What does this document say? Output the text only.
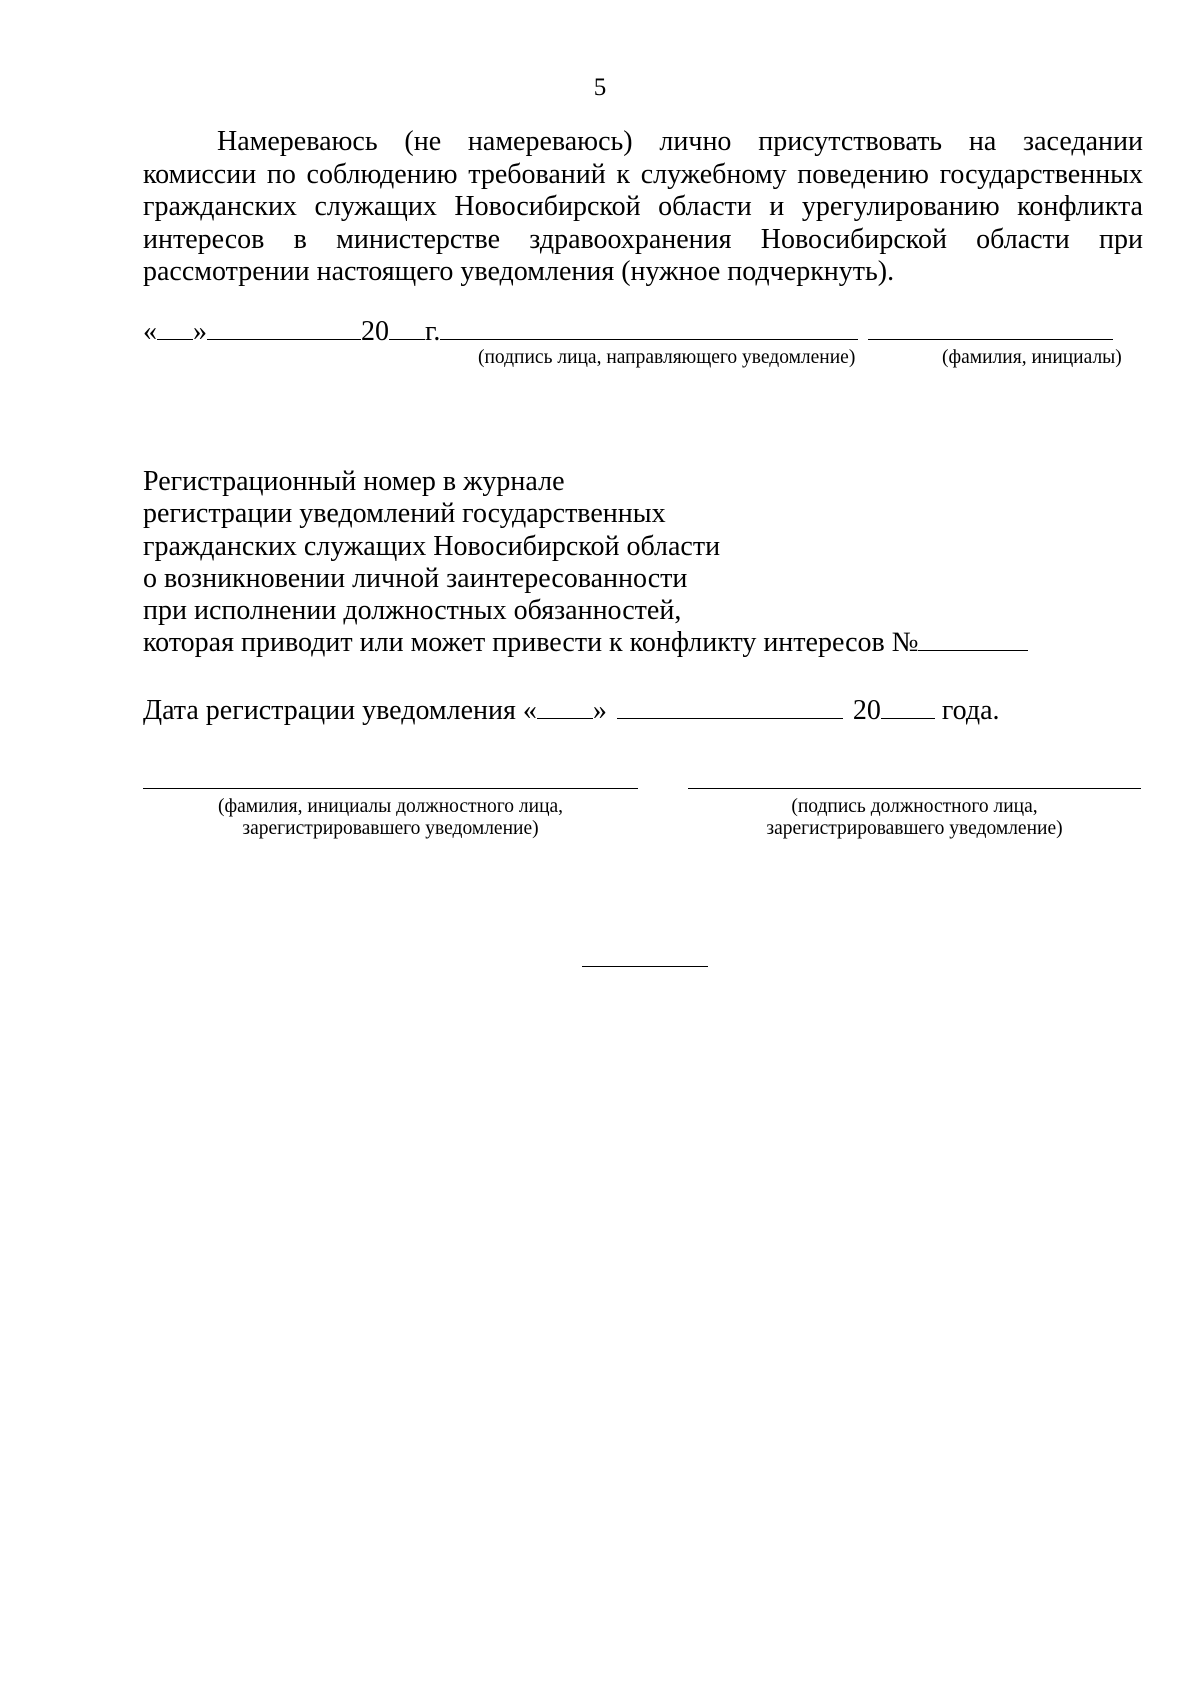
5

Намереваюсь (не намереваюсь) лично присутствовать на заседании комиссии по соблюдению требований к служебному поведению государственных гражданских служащих Новосибирской области и урегулированию конфликта интересов в министерстве здравоохранения Новосибирской области при рассмотрении настоящего уведомления (нужное подчеркнуть).

« »	20 г.
(подпись лица, направляющего уведомление)	(фамилия, инициалы)
Регистрационный номер в журнале
регистрации уведомлений государственных
гражданских служащих Новосибирской области
о возникновении личной заинтересованности
при исполнении должностных обязанностей,
которая приводит или может привести к конфликту интересов №
Дата регистрации уведомления « »	20 года.
(фамилия, инициалы должностного лица,
зарегистрировавшего уведомление)
(подпись должностного лица,
зарегистрировавшего уведомление)
